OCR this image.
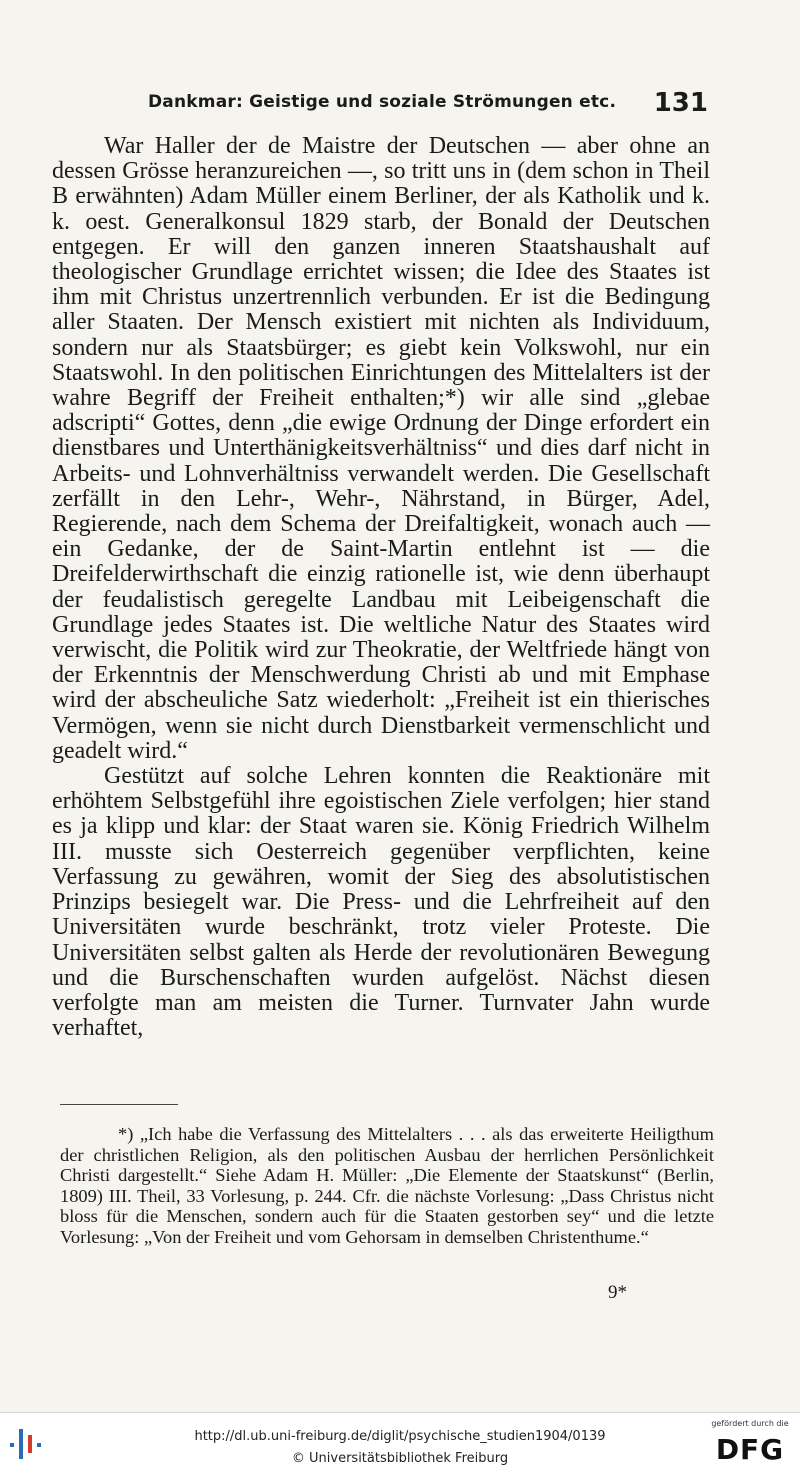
Dankmar: Geistige und soziale Strömungen etc. 131

War Haller der de Maistre der Deutschen — aber ohne an dessen Grösse heranzureichen —, so tritt uns in (dem schon in Theil B erwähnten) Adam Müller einem Berliner, der als Katholik und k. k. oest. Generalkonsul 1829 starb, der Bonald der Deutschen entgegen. Er will den ganzen inneren Staatshaushalt auf theologischer Grundlage errichtet wissen; die Idee des Staates ist ihm mit Christus unzertrennlich verbunden. Er ist die Bedingung aller Staaten. Der Mensch existiert mit nichten als Individuum, sondern nur als Staatsbürger; es giebt kein Volkswohl, nur ein Staatswohl. In den politischen Einrichtungen des Mittelalters ist der wahre Begriff der Freiheit enthalten;*) wir alle sind „glebae adscripti“ Gottes, denn „die ewige Ordnung der Dinge erfordert ein dienstbares und Unterthänigkeitsverhältniss“ und dies darf nicht in Arbeits- und Lohnverhältniss verwandelt werden. Die Gesellschaft zerfällt in den Lehr-, Wehr-, Nährstand, in Bürger, Adel, Regierende, nach dem Schema der Dreifaltigkeit, wonach auch — ein Gedanke, der de Saint-Martin entlehnt ist — die Dreifelderwirthschaft die einzig rationelle ist, wie denn überhaupt der feudalistisch geregelte Landbau mit Leibeigenschaft die Grundlage jedes Staates ist. Die weltliche Natur des Staates wird verwischt, die Politik wird zur Theokratie, der Weltfriede hängt von der Erkenntnis der Menschwerdung Christi ab und mit Emphase wird der abscheuliche Satz wiederholt: „Freiheit ist ein thierisches Vermögen, wenn sie nicht durch Dienstbarkeit vermenschlicht und geadelt wird.“

Gestützt auf solche Lehren konnten die Reaktionäre mit erhöhtem Selbstgefühl ihre egoistischen Ziele verfolgen; hier stand es ja klipp und klar: der Staat waren sie. König Friedrich Wilhelm III. musste sich Oesterreich gegenüber verpflichten, keine Verfassung zu gewähren, womit der Sieg des absolutistischen Prinzips besiegelt war. Die Press- und die Lehrfreiheit auf den Universitäten wurde beschränkt, trotz vieler Proteste. Die Universitäten selbst galten als Herde der revolutionären Bewegung und die Burschenschaften wurden aufgelöst. Nächst diesen verfolgte man am meisten die Turner. Turnvater Jahn wurde verhaftet,

*) „Ich habe die Verfassung des Mittelalters . . . als das erweiterte Heiligthum der christlichen Religion, als den politischen Ausbau der herrlichen Persönlichkeit Christi dargestellt.“ Siehe Adam H. Müller: „Die Elemente der Staatskunst“ (Berlin, 1809) III. Theil, 33 Vorlesung, p. 244. Cfr. die nächste Vorlesung: „Dass Christus nicht bloss für die Menschen, sondern auch für die Staaten gestorben sey“ und die letzte Vorlesung: „Von der Freiheit und vom Gehorsam in demselben Christenthume.“

9*
http://dl.ub.uni-freiburg.de/diglit/psychische_studien1904/0139
© Universitätsbibliothek Freiburg
gefördert durch die
DFG
